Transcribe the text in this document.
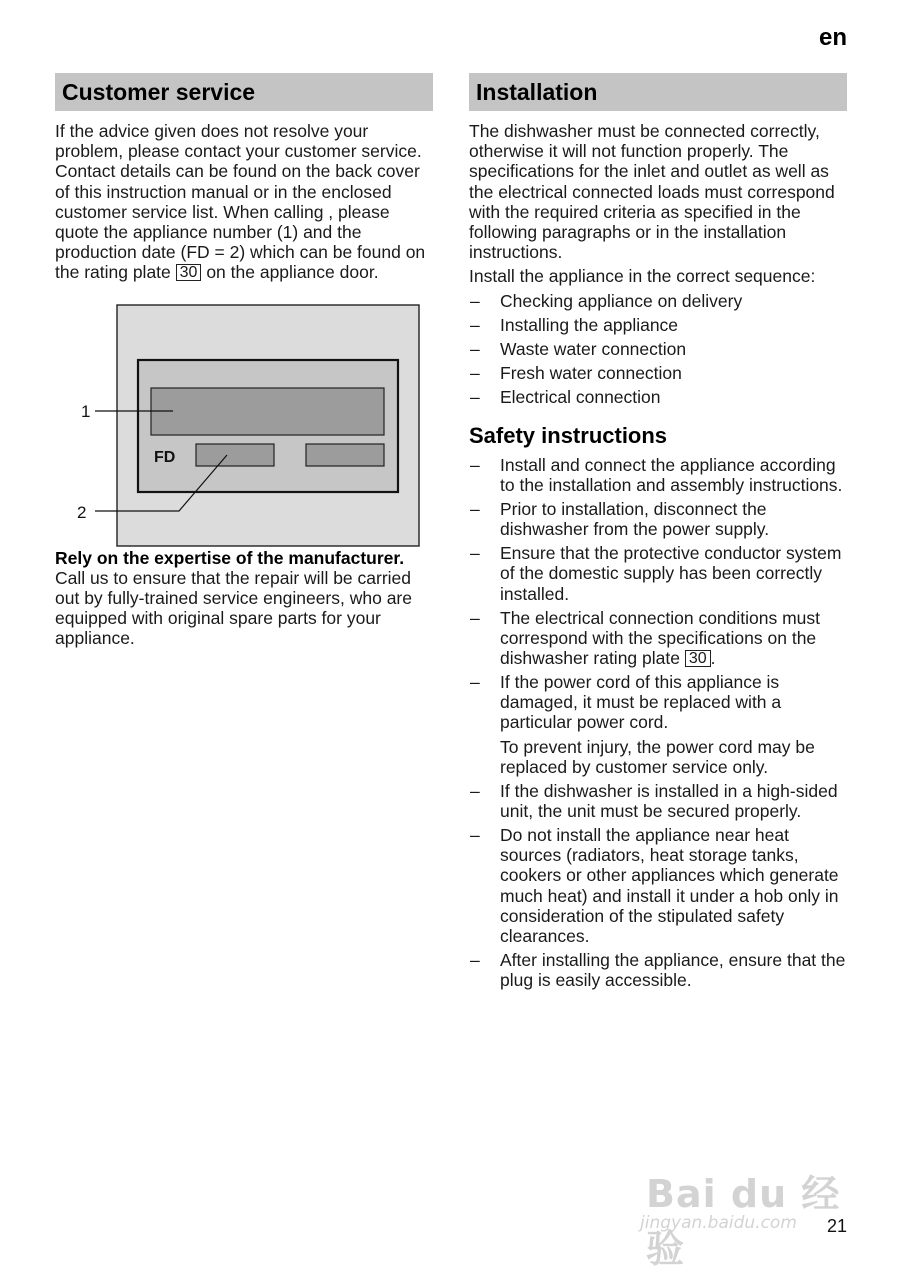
en
Customer service

If the advice given does not resolve your problem, please contact your customer service. Contact details can be found on the back cover of this instruction manual or in the enclosed customer service list. When calling , please quote the appliance number (1) and the production date (FD = 2) which can be found on the rating plate 30 on the appliance door.

FD
1
2

Rely on the expertise of the manufacturer.  Call us to ensure that the repair will be carried out by fully-trained service engineers, who are equipped with original spare parts for your appliance.

Installation

The dishwasher must be connected correctly, otherwise it will not function properly. The specifications for the inlet and outlet as well as the electrical connected loads must correspond with the required criteria as specified in the following paragraphs or in the installation instructions.

Install the appliance in the correct sequence:

– Checking appliance on delivery
– Installing the appliance
– Waste water connection
– Fresh water connection
– Electrical connection
Safety instructions
– Install and connect the appliance according to the installation and assembly instructions.
– Prior to installation, disconnect the dishwasher from the power supply.
– Ensure that the protective conductor system of the domestic supply has been correctly installed.
– The electrical connection conditions must correspond with the specifications on the dishwasher rating plate 30 .
– If the power cord of this appliance is damaged, it must be replaced with a particular power cord.
To prevent injury, the power cord may be replaced by customer service only.
– If the dishwasher is installed in a high-sided unit, the unit must be secured properly.
– Do not install the appliance near heat sources (radiators, heat storage tanks, cookers or other appliances which generate much heat) and install it under a hob only in consideration of the stipulated safety clearances.
– After installing the appliance, ensure that the plug is easily accessible.
Bai du 经验
jingyan.baidu.com 21
